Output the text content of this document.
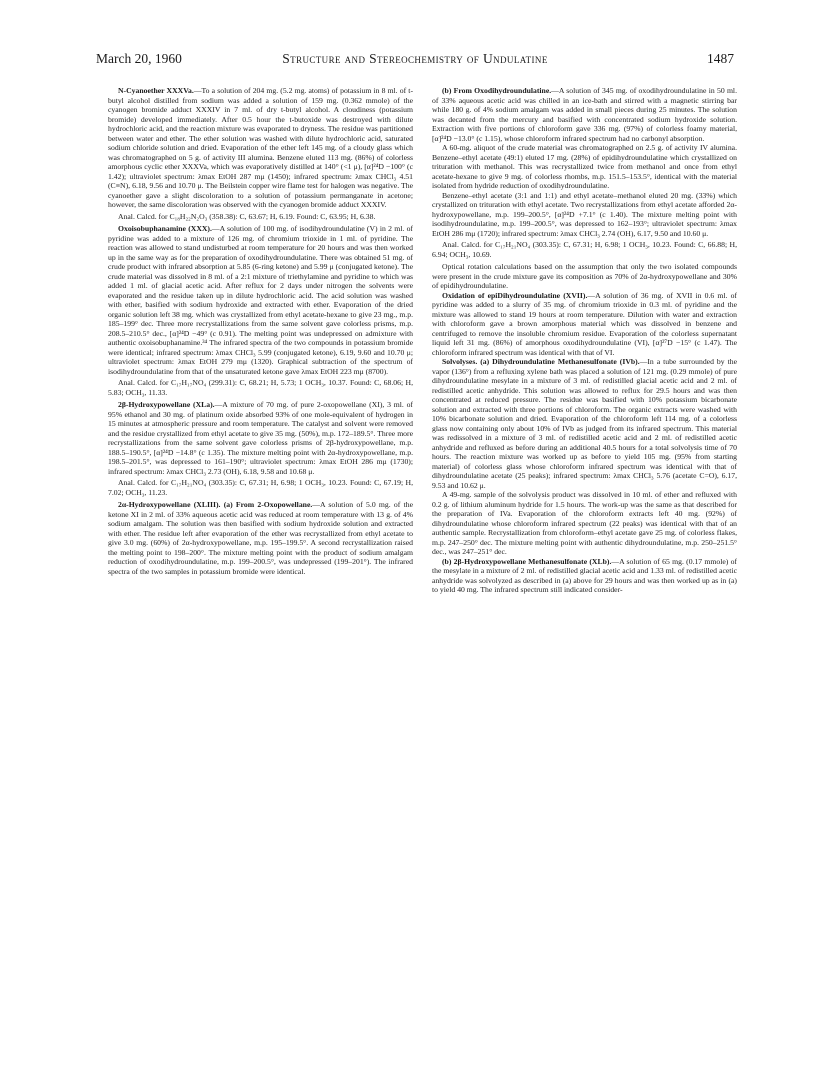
March 20, 1960	Structure and Stereochemistry of Undulatine	1487

N-Cyanoether XXXVa.—To a solution of 204 mg. (5.2 mg. atoms) of potassium in 8 ml. of t-butyl alcohol distilled from sodium was added a solution of 159 mg. (0.362 mmole) of the cyanogen bromide adduct XXXIV in 7 ml. of dry t-butyl alcohol. A cloudiness (potassium bromide) developed immediately. After 0.5 hour the t-butoxide was destroyed with dilute hydrochloric acid, and the reaction mixture was evaporated to dryness. The residue was partitioned between water and ether. The ether solution was washed with dilute hydrochloric acid, saturated sodium chloride solution and dried. Evaporation of the ether left 145 mg. of a cloudy glass which was chromatographed on 5 g. of activity III alumina. Benzene eluted 113 mg. (86%) of colorless amorphous cyclic ether XXXVa, which was evaporatively distilled at 140° (<1 μ), [α]²⁴D −100° (c 1.42); ultraviolet spectrum: λmax EtOH 287 mμ (1450); infrared spectrum: λmax CHCl₃ 4.51 (C≡N), 6.18, 9.56 and 10.70 μ. The Beilstein copper wire flame test for halogen was negative. The cyanoether gave a slight discoloration to a solution of potassium permanganate in acetone; however, the same discoloration was observed with the cyanogen bromide adduct XXXIV.

Anal. Calcd. for C₁₈H₂₂N₂O₃ (358.38): C, 63.67; H, 6.19. Found: C, 63.95; H, 6.38.

Oxoisobuphanamine (XXX).—A solution of 100 mg. of isodihydroundulatine (V) in 2 ml. of pyridine was added to a mixture of 126 mg. of chromium trioxide in 1 ml. of pyridine. The reaction was allowed to stand undisturbed at room temperature for 20 hours and was then worked up in the same way as for the preparation of oxodihydroundulatine. There was obtained 51 mg. of crude product with infrared absorption at 5.85 (6-ring ketone) and 5.99 μ (conjugated ketone). The crude material was dissolved in 8 ml. of a 2:1 mixture of triethylamine and pyridine to which was added 1 ml. of glacial acetic acid. After reflux for 2 days under nitrogen the solvents were evaporated and the residue taken up in dilute hydrochloric acid. The acid solution was washed with ether, basified with sodium hydroxide and extracted with ether. Evaporation of the dried organic solution left 38 mg. which was crystallized from ethyl acetate-hexane to give 23 mg., m.p. 185–199° dec. Three more recrystallizations from the same solvent gave colorless prisms, m.p. 208.5–210.5° dec., [α]²⁴D −49° (c 0.91). The melting point was undepressed on admixture with authentic oxoisobuphanamine.³⁴ The infrared spectra of the two compounds in potassium bromide were identical; infrared spectrum: λmax CHCl₃ 5.99 (conjugated ketone), 6.19, 9.60 and 10.70 μ; ultraviolet spectrum: λmax EtOH 279 mμ (1320). Graphical subtraction of the spectrum of isodihydroundulatine from that of the unsaturated ketone gave λmax EtOH 223 mμ (8700).

Anal. Calcd. for C₁₇H₁₇NO₄ (299.31): C, 68.21; H, 5.73; 1 OCH₃, 10.37. Found: C, 68.06; H, 5.83; OCH₃, 11.33.

2β-Hydroxypowellane (XLa).—A mixture of 70 mg. of pure 2-oxopowellane (XI), 3 ml. of 95% ethanol and 30 mg. of platinum oxide absorbed 93% of one mole-equivalent of hydrogen in 15 minutes at atmospheric pressure and room temperature. The catalyst and solvent were removed and the residue crystallized from ethyl acetate to give 35 mg. (50%), m.p. 172–189.5°. Three more recrystallizations from the same solvent gave colorless prisms of 2β-hydroxypowellane, m.p. 188.5–190.5°, [α]²⁴D −14.8° (c 1.35). The mixture melting point with 2α-hydroxypowellane, m.p. 198.5–201.5°, was depressed to 161–190°; ultraviolet spectrum: λmax EtOH 286 mμ (1730); infrared spectrum: λmax CHCl₃ 2.73 (OH), 6.18, 9.58 and 10.68 μ.

Anal. Calcd. for C₁₇H₂₁NO₄ (303.35): C, 67.31; H, 6.98; 1 OCH₃, 10.23. Found: C, 67.19; H, 7.02; OCH₃, 11.23.

2α-Hydroxypowellane (XLIII). (a) From 2-Oxopowellane.—A solution of 5.0 mg. of the ketone XI in 2 ml. of 33% aqueous acetic acid was reduced at room temperature with 13 g. of 4% sodium amalgam. The solution was then basified with sodium hydroxide solution and extracted with ether. The residue left after evaporation of the ether was recrystallized from ethyl acetate to give 3.0 mg. (60%) of 2α-hydroxypowellane, m.p. 195–199.5°. A second recrystallization raised the melting point to 198–200°. The mixture melting point with the product of sodium amalgam reduction of oxodihydroundulatine, m.p. 199–200.5°, was undepressed (199–201°). The infrared spectra of the two samples in potassium bromide were identical.

(b) From Oxodihydroundulatine.—A solution of 345 mg. of oxodihydroundulatine in 50 ml. of 33% aqueous acetic acid was chilled in an ice-bath and stirred with a magnetic stirring bar while 180 g. of 4% sodium amalgam was added in small pieces during 25 minutes. The solution was decanted from the mercury and basified with concentrated sodium hydroxide solution. Extraction with five portions of chloroform gave 336 mg. (97%) of colorless foamy material, [α]²⁴D −13.0° (c 1.15), whose chloroform infrared spectrum had no carbonyl absorption.

A 60-mg. aliquot of the crude material was chromatographed on 2.5 g. of activity IV alumina. Benzene–ethyl acetate (49:1) eluted 17 mg. (28%) of epidihydroundulatine which crystallized on trituration with methanol. This was recrystallized twice from methanol and once from ethyl acetate-hexane to give 9 mg. of colorless rhombs, m.p. 151.5–153.5°, identical with the material isolated from hydride reduction of oxodihydroundulatine.

Benzene–ethyl acetate (3:1 and 1:1) and ethyl acetate–methanol eluted 20 mg. (33%) which crystallized on trituration with ethyl acetate. Two recrystallizations from ethyl acetate afforded 2α-hydroxypowellane, m.p. 199–200.5°, [α]²⁴D +7.1° (c 1.40). The mixture melting point with isodihydroundulatine, m.p. 199–200.5°, was depressed to 162–193°; ultraviolet spectrum: λmax EtOH 286 mμ (1720); infrared spectrum: λmax CHCl₃ 2.74 (OH), 6.17, 9.50 and 10.60 μ.

Anal. Calcd. for C₁₇H₂₁NO₄ (303.35): C, 67.31; H, 6.98; 1 OCH₃, 10.23. Found: C, 66.88; H, 6.94; OCH₃, 10.69.

Optical rotation calculations based on the assumption that only the two isolated compounds were present in the crude mixture gave its composition as 70% of 2α-hydroxypowellane and 30% of epidihydroundulatine.

Oxidation of epiDihydroundulatine (XVII).—A solution of 36 mg. of XVII in 0.6 ml. of pyridine was added to a slurry of 35 mg. of chromium trioxide in 0.3 ml. of pyridine and the mixture was allowed to stand 19 hours at room temperature. Dilution with water and extraction with chloroform gave a brown amorphous material which was dissolved in benzene and centrifuged to remove the insoluble chromium residue. Evaporation of the colorless supernatant liquid left 31 mg. (86%) of amorphous oxodihydroundulatine (VI), [α]²⁷D −15° (c 1.47). The chloroform infrared spectrum was identical with that of VI.

Solvolyses. (a) Dihydroundulatine Methanesulfonate (IVb).—In a tube surrounded by the vapor (136°) from a refluxing xylene bath was placed a solution of 121 mg. (0.29 mmole) of pure dihydroundulatine mesylate in a mixture of 3 ml. of redistilled glacial acetic acid and 2 ml. of redistilled acetic anhydride. This solution was allowed to reflux for 29.5 hours and was then concentrated at reduced pressure. The residue was basified with 10% potassium bicarbonate solution and extracted with three portions of chloroform. The organic extracts were washed with 10% bicarbonate solution and dried. Evaporation of the chloroform left 114 mg. of a colorless glass now containing only about 10% of IVb as judged from its infrared spectrum. This material was redissolved in a mixture of 3 ml. of redistilled acetic acid and 2 ml. of redistilled acetic anhydride and refluxed as before during an additional 40.5 hours for a total solvolysis time of 70 hours. The reaction mixture was worked up as before to yield 105 mg. (95% from starting material) of colorless glass whose chloroform infrared spectrum was identical with that of dihydroundulatine acetate (25 peaks); infrared spectrum: λmax CHCl₃ 5.76 (acetate C=O), 6.17, 9.53 and 10.62 μ.

A 49-mg. sample of the solvolysis product was dissolved in 10 ml. of ether and refluxed with 0.2 g. of lithium aluminum hydride for 1.5 hours. The work-up was the same as that described for the preparation of IVa. Evaporation of the chloroform extracts left 40 mg. (92%) of dihydroundulatine whose chloroform infrared spectrum (22 peaks) was identical with that of an authentic sample. Recrystallization from chloroform–ethyl acetate gave 25 mg. of colorless flakes, m.p. 247–250° dec. The mixture melting point with authentic dihydroundulatine, m.p. 250–251.5° dec., was 247–251° dec.

(b) 2β-Hydroxypowellane Methanesulfonate (XLb).—A solution of 65 mg. (0.17 mmole) of the mesylate in a mixture of 2 ml. of redistilled glacial acetic acid and 1.33 ml. of redistilled acetic anhydride was solvolyzed as described in (a) above for 29 hours and was then worked up as in (a) to yield 40 mg. The infrared spectrum still indicated consider-
